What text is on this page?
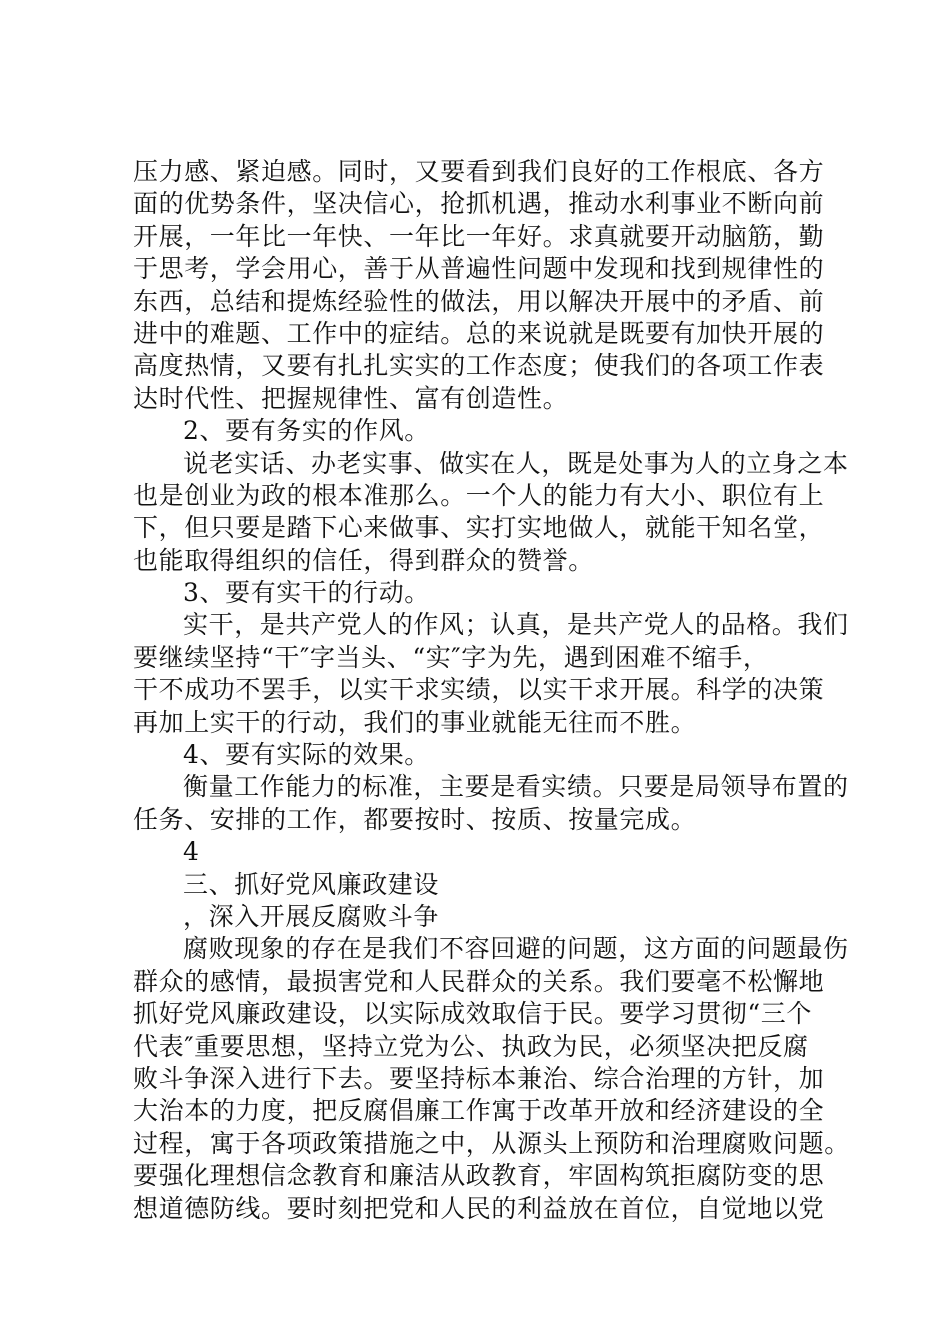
压力感、紧迫感。同时，又要看到我们良好的工作根底、各方
面的优势条件，坚决信心，抢抓机遇，推动水利事业不断向前
开展，一年比一年快、一年比一年好。求真就要开动脑筋，勤
于思考，学会用心，善于从普遍性问题中发现和找到规律性的
东西，总结和提炼经验性的做法，用以解决开展中的矛盾、前
进中的难题、工作中的症结。总的来说就是既要有加快开展的
高度热情，又要有扎扎实实的工作态度；使我们的各项工作表
达时代性、把握规律性、富有创造性。
2、要有务实的作风。
说老实话、办老实事、做实在人，既是处事为人的立身之本
也是创业为政的根本准那么。一个人的能力有大小、职位有上
下，但只要是踏下心来做事、实打实地做人，就能干知名堂，
也能取得组织的信任，得到群众的赞誉。
3、要有实干的行动。
实干，是共产党人的作风；认真，是共产党人的品格。我们
要继续坚持“干″字当头、“实″字为先，遇到困难不缩手，
干不成功不罢手，以实干求实绩，以实干求开展。科学的决策
再加上实干的行动，我们的事业就能无往而不胜。
4、要有实际的效果。
衡量工作能力的标准，主要是看实绩。只要是局领导布置的
任务、安排的工作，都要按时、按质、按量完成。
4
三、抓好党风廉政建设
，深入开展反腐败斗争
腐败现象的存在是我们不容回避的问题，这方面的问题最伤
群众的感情，最损害党和人民群众的关系。我们要毫不松懈地
抓好党风廉政建设，以实际成效取信于民。要学习贯彻“三个
代表″重要思想，坚持立党为公、执政为民，必须坚决把反腐
败斗争深入进行下去。要坚持标本兼治、综合治理的方针，加
大治本的力度，把反腐倡廉工作寓于改革开放和经济建设的全
过程，寓于各项政策措施之中，从源头上预防和治理腐败问题。
要强化理想信念教育和廉洁从政教育，牢固构筑拒腐防变的思
想道德防线。要时刻把党和人民的利益放在首位，自觉地以党
